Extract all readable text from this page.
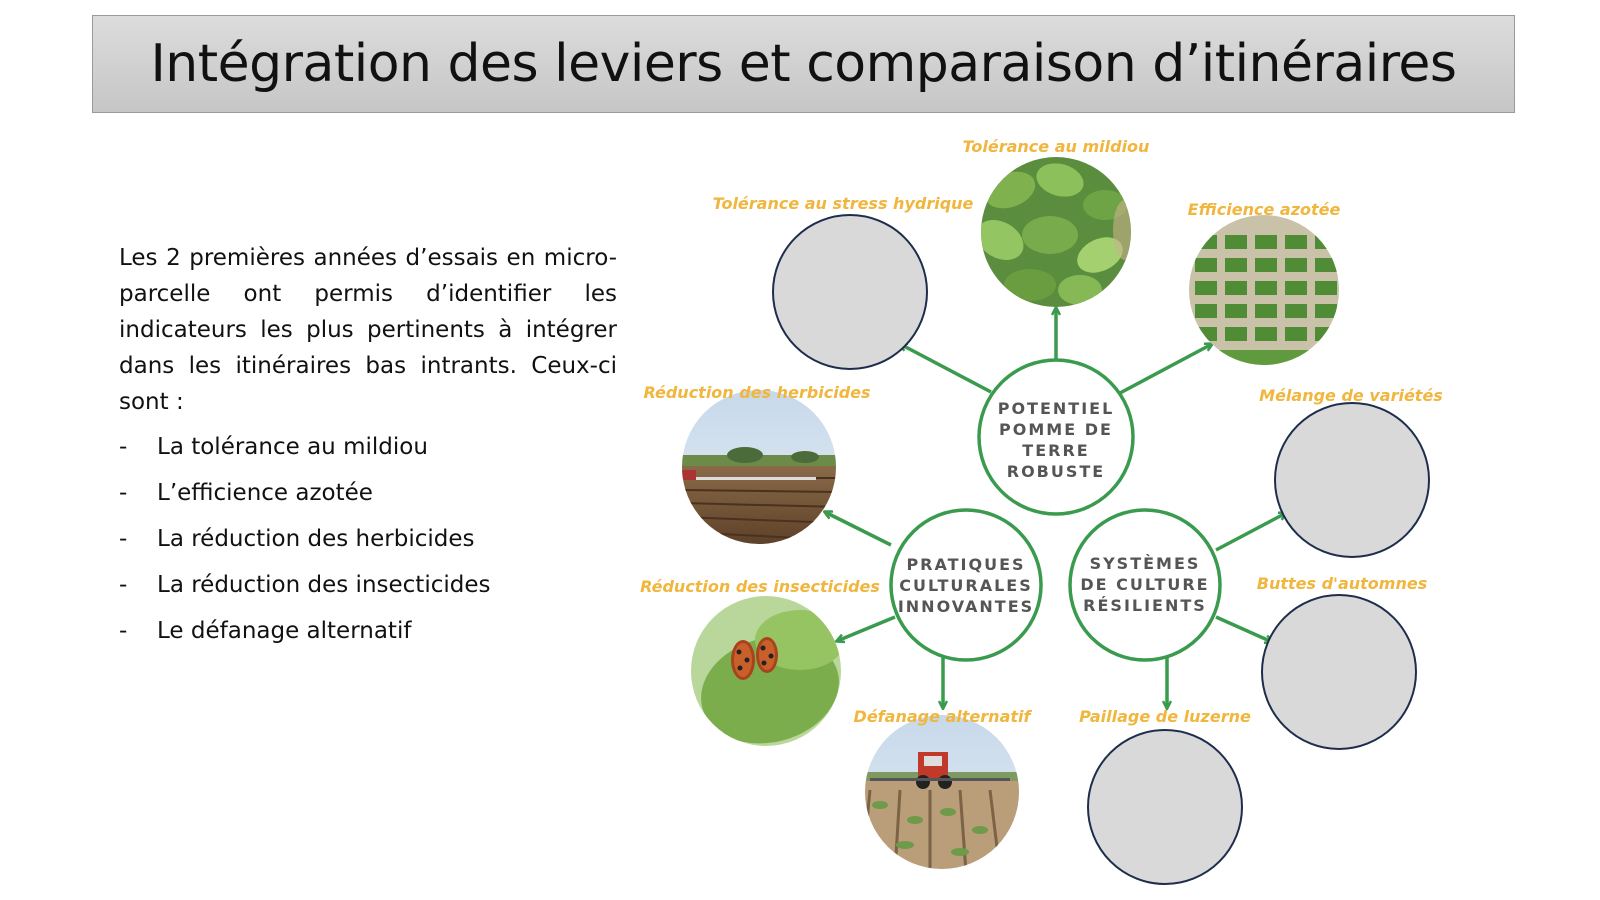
Intégration des leviers et comparaison d’itinéraires

Les 2 premières années d’essais en micro-parcelle ont permis d’identifier les indicateurs les plus pertinents à intégrer dans les itinéraires bas intrants. Ceux-ci sont :

-	La tolérance au mildiou
-	L’efficience azotée
-	La réduction des herbicides
-	La réduction des insecticides
-	Le défanage alternatif
POTENTIEL
POMME DE
TERRE
ROBUSTE
PRATIQUES
CULTURALES
INNOVANTES
SYSTÈMES
DE CULTURE
RÉSILIENTS
Tolérance au mildiou
Tolérance au stress hydrique	Efficience azotée
Réduction des herbicides
Réduction des insecticides
Défanage alternatif
Mélange de variétés
Buttes d'automnes
Paillage de luzerne
